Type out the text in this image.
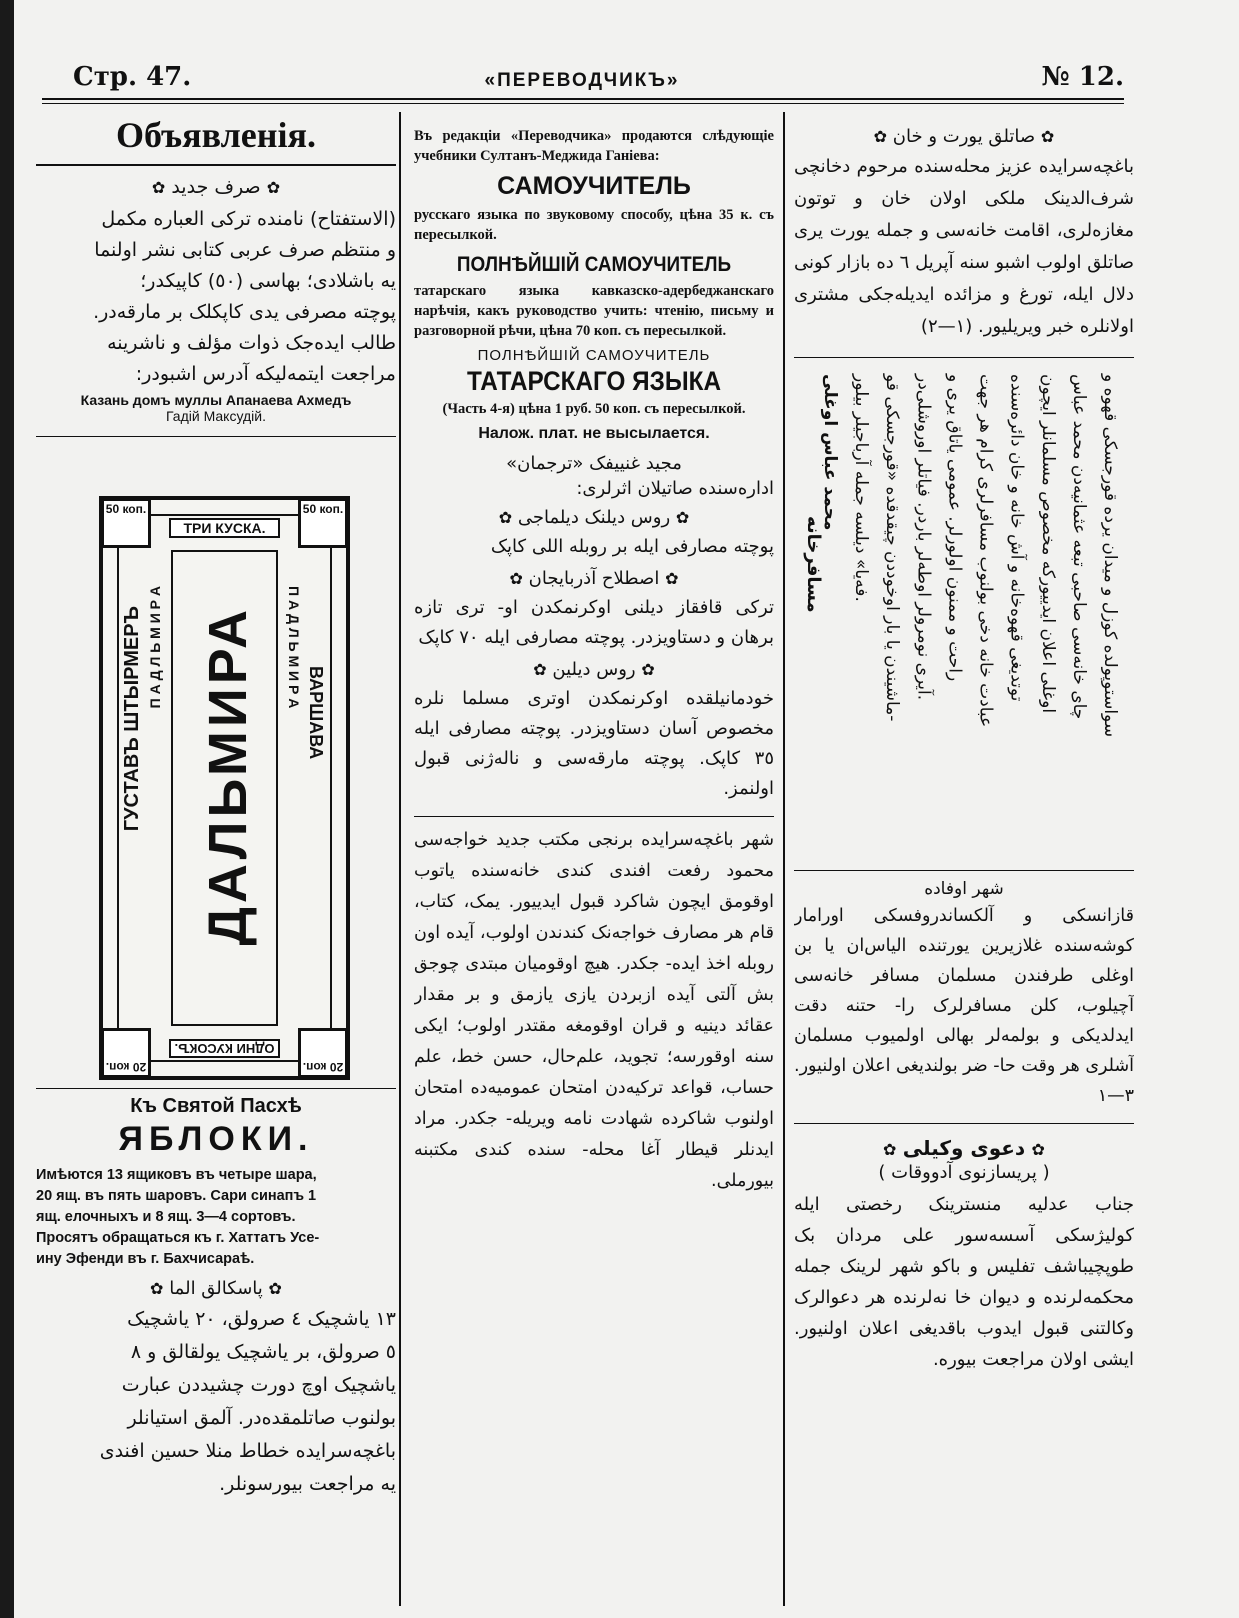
Стр. 47.	«ПЕРЕВОДЧИКЪ»	№ 12.
Объявленія.
✿ صرف جدید ✿
(الاستفتاح) نامنده ترکی العباره مکمل
و منتظم صرف عربی کتابی نشر اولنما
یه باشلادی؛ بهاسی (٥٠) کاپیکدر؛
پوچته مصرفی یدی کاپکلک بر مارقه‌در.
طالب ایده‌جک ذوات مؤلف و ناشرینه
مراجعت ایتمه‌لیکه آدرس اشبودر:
Казань домъ муллы Апанаева Ахмедъ
Гадій Максудій.
ТРИ КУСКА.
ОДНИ КУСОКЪ.
ГУСТАВЪ ШТЫРМЕРЪ	ВАРШАВА
П А Д Л Ь М И Р А	П А Д Л Ь М И Р А
ДАЛЬМИРА
50 коп.	50 коп.
20 коп.	20 коп.
Къ Святой Пасхѣ
ЯБЛОКИ.
Имѣются 13 ящиковъ въ четыре шара,
20 ящ. въ пять шаровъ. Сари синапъ 1
ящ. елочныхъ и 8 ящ. 3—4 сортовъ.
Просятъ обращаться къ г. Хаттатъ Усе-
ину Эфенди въ г. Бахчисараѣ.
✿ پاسکالق الما ✿
۱۳ یاشچیک ٤ صرولق، ۲۰ یاشچیک
٥ صرولق، بر یاشچیک یولقالق و ۸
یاشچیک اوچ دورت چشیددن عبارت
بولنوب صاتلمقده‌در. آلمق استیانلر
باغچه‌سرایده خطاط منلا حسین افندی
یه مراجعت بیورسونلر.
Въ редакціи «Переводчика» продаются слѣдующіе учебники Султанъ-Меджида Ганіева:
САМОУЧИТЕЛЬ
русскаго языка по звуковому способу, цѣна 35 к. съ пересылкой.
ПОЛНѢЙШІЙ САМОУЧИТЕЛЬ
татарскаго языка кавказско-адербеджанскаго нарѣчія, какъ руководство учить: чтенію, письму и разговорной рѣчи, цѣна 70 коп. съ пересылкой.
ПОЛНѢЙШІЙ САМОУЧИТЕЛЬ
ТАТАРСКАГО ЯЗЫКА
(Часть 4-я) цѣна 1 руб. 50 коп. съ пересылкой.
Налож. плат. не высылается.
مجید غنییفک «ترجمان»
اداره‌سنده صاتیلان اثرلری:
✿ روس دیلنک دیلماجی ✿
پوچته مصارفی ایله بر روبله اللی کاپک
✿ اصطلاح آذربایجان ✿
ترکی قافقاز دیلنی اوکرنمکدن او- تری تازه برهان و دستاویزدر. پوچته مصارفی ایله ۷۰ کاپک
✿ روس دیلین ✿
خودمانیلقده اوکرنمکدن اوتری مسلما نلره مخصوص آسان دستاویزدر. پوچته مصارفی ایله ۳٥ کاپک. پوچته مارقه‌سی و ناله‌ژنی قبول اولنمز.
شهر باغچه‌سرایده برنجی مکتب جدید خواجه‌سی محمود رفعت افندی کندی خانه‌سنده یاتوب اوقومق ایچون شاکرد قبول ایدییور. یمک، کتاب، قام هر مصارف خواجه‌نک کندندن اولوب، آیده اون روبله اخذ ایده- جکدر. هیچ اوقومیان مبتدی چوجق بش آلتی آیده ازبردن یازی یازمق و بر مقدار عقائد دینیه و قران اوقومغه مقتدر اولوب؛ ایکی سنه اوقورسه؛ تجوید، علم‌حال، حسن خط، علم حساب، قواعد ترکیه‌دن امتحان عمومیه‌ده امتحان اولنوب شاکرده شهادت نامه ویریله- جکدر. مراد ایدنلر قیطار آغا محله- سنده کندی مکتبنه بیورملی.
✿ صاتلق یورت و خان ✿
باغچه‌سرایده عزیز محله‌سنده مرحوم دخانچی شرف‌الدینک ملکی اولان خان و توتون مغازه‌لری، اقامت خانه‌سی و جمله یورت یری صاتلق اولوب اشبو سنه آپریل ٦ ده بازار کونی دلال ایله، تورغ و مزائده ایدیله‌جکی مشتری اولانلره خبر ویریلیور. (۱—۲)
مسافرخانه	سواستوپولده کوزل و میدان یرده قورجسکی قهوه و
چای خانه‌سی صاحبی تبعه عثمانیه‌دن محمد عباس
اوغلی اعلان ایدییورکه مخصوص مسلمانلر ایچون
توتدیغی قهوه‌خانه و آش خانه و خان دائره‌سنده
عبادت خانه دخی بولنوب مسافرلری کرام هر جهت
راحت و ممنون اولورلر. عمومی یاتاق یری و
آیری نومرولر اوطه‌لر باردر. فیاتلر اوروشلی‌در.
ماشیندن یا بار اوخوددن چیقدقده «قورجسکی قو-
فه‌یا» دیلسه جمله آرباجیلر بیلور.
محمد عباس اوغلی
شهر اوفاده
قازانسکی و آلکساندروفسکی اورامار کوشه‌سنده غلازیرین یورتنده الیاس‌ان یا بن اوغلی طرفندن مسلمان مسافر خانه‌سی آچیلوب، کلن مسافرلرک را- حتنه دقت ایدلدیکی و بولمه‌لر بهالی اولمیوب مسلمان آشلری هر وقت حا- ضر بولندیغی اعلان اولنیور. ۳—۱
✿ دعوی وکیلی ✿
( پریسازنوی آدووقات )
جناب عدلیه منسترینک رخصتی ایله کولیژسکی آسسه‌سور علی مردان بک طوپچیباشف تفلیس و باکو شهر لرینک جمله محکمه‌لرنده و دیوان خا نه‌لرنده هر دعوالرک وکالتنی قبول ایدوب باقدیغی اعلان اولنیور. ایشی اولان مراجعت بیوره.
